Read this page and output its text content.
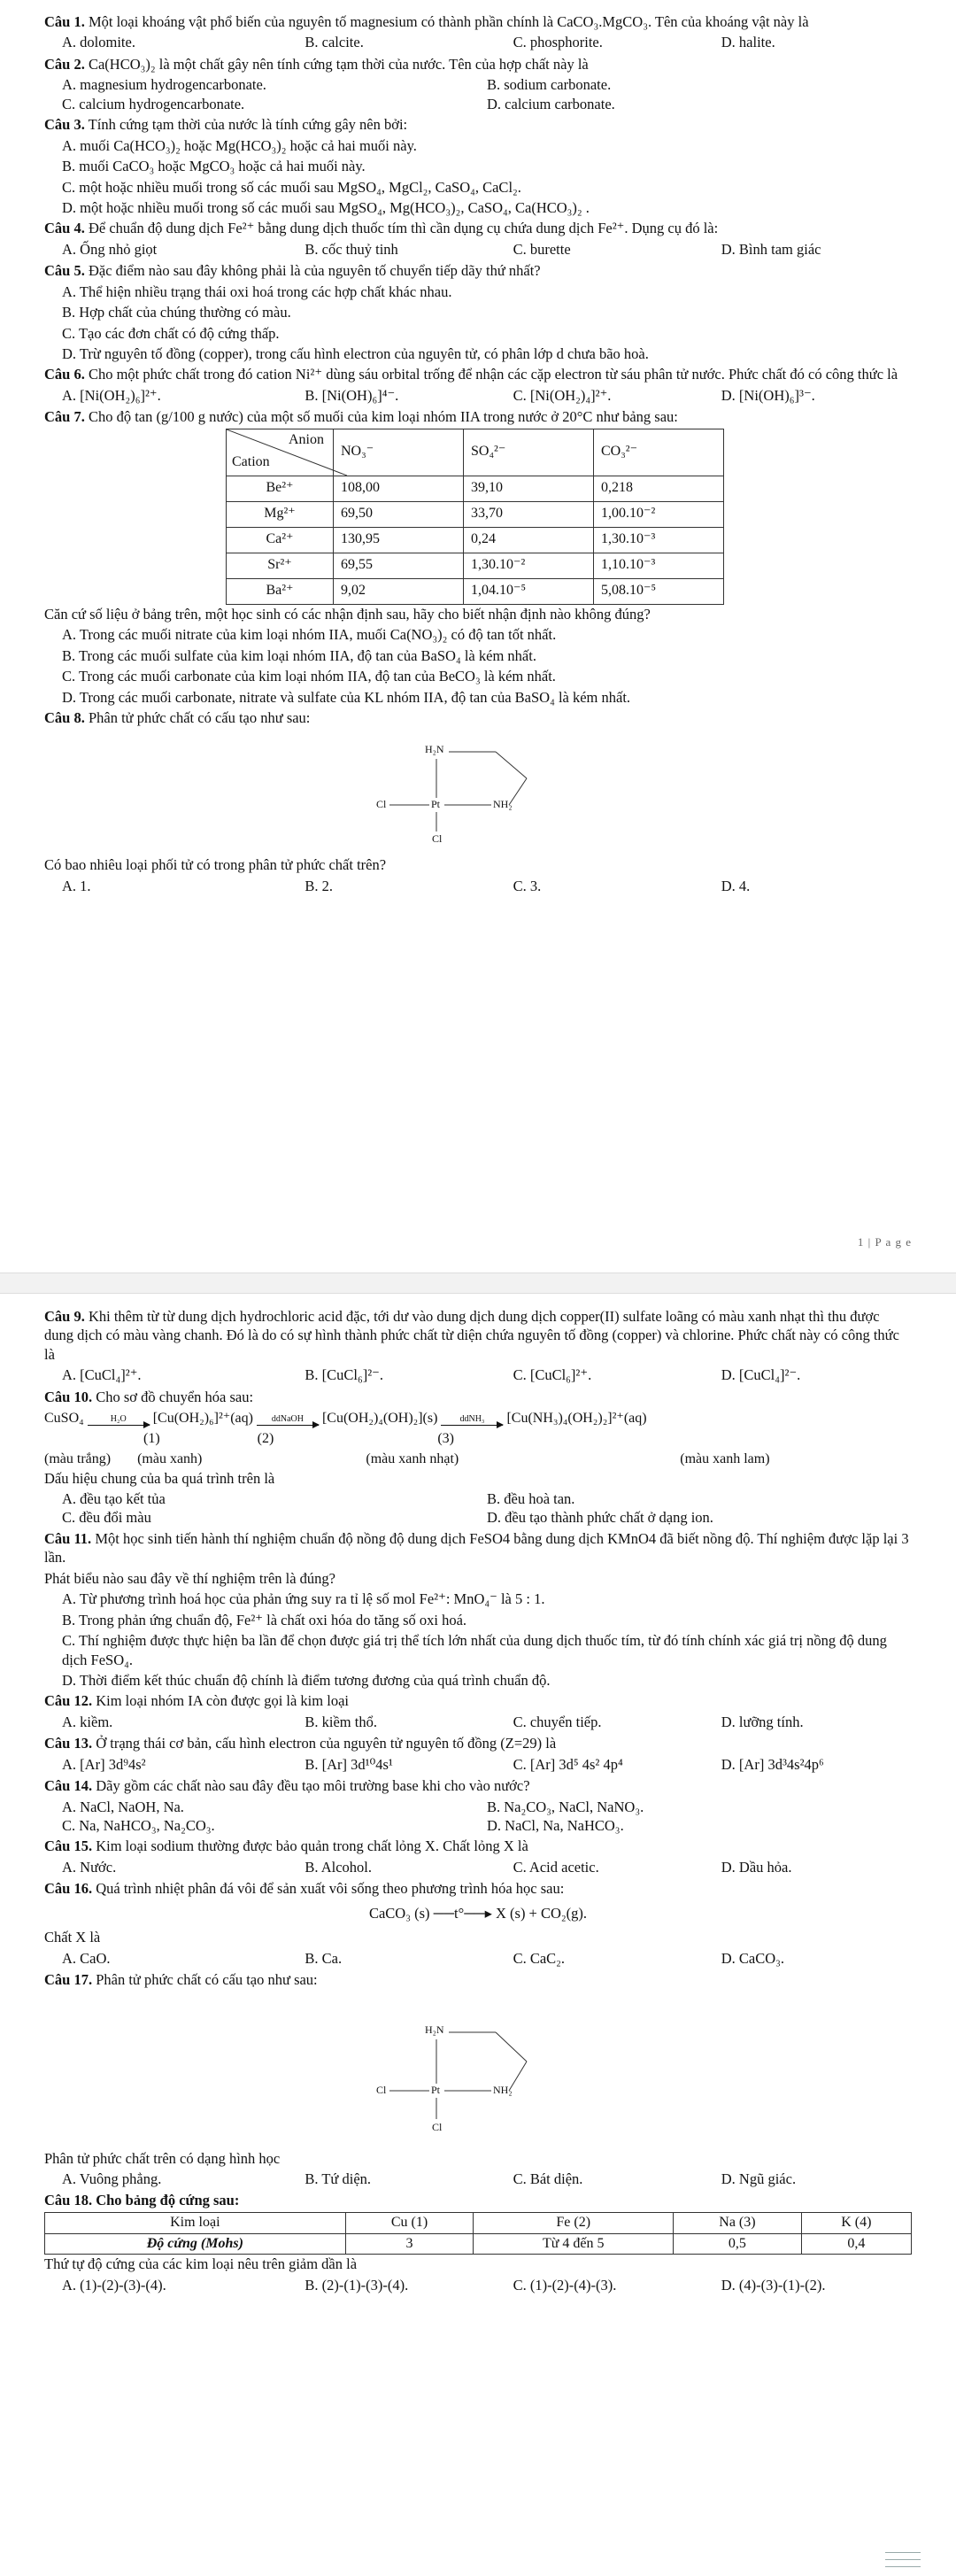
Câu 1. Một loại khoáng vật phổ biến của nguyên tố magnesium có thành phần chính là CaCO₃.MgCO₃. Tên của khoáng vật này là
A. dolomite.	B. calcite.	C. phosphorite.	D. halite.
Câu 2. Ca(HCO₃)₂ là một chất gây nên tính cứng tạm thời của nước. Tên của hợp chất này là
A. magnesium hydrogencarbonate.	B. sodium carbonate.
C. calcium hydrogencarbonate.	D. calcium carbonate.
Câu 3. Tính cứng tạm thời của nước là tính cứng gây nên bởi:
A. muối Ca(HCO₃)₂ hoặc Mg(HCO₃)₂ hoặc cả hai muối này.
B. muối CaCO₃ hoặc MgCO₃ hoặc cả hai muối này.
C. một hoặc nhiều muối trong số các muối sau MgSO₄, MgCl₂, CaSO₄, CaCl₂.
D. một hoặc nhiều muối trong số các muối sau MgSO₄, Mg(HCO₃)₂, CaSO₄, Ca(HCO₃)₂ .
Câu 4. Để chuẩn độ dung dịch Fe²⁺ bằng dung dịch thuốc tím thì cần dụng cụ chứa dung dịch Fe²⁺. Dụng cụ đó là:
A. Ống nhỏ giọt	B. cốc thuỷ tinh	C. burette	D. Bình tam giác
Câu 5. Đặc điểm nào sau đây không phải là của nguyên tố chuyển tiếp dãy thứ nhất?
A. Thể hiện nhiều trạng thái oxi hoá trong các hợp chất khác nhau.
B. Hợp chất của chúng thường có màu.
C. Tạo các đơn chất có độ cứng thấp.
D. Trừ nguyên tố đồng (copper), trong cấu hình electron của nguyên tử, có phân lớp d chưa bão hoà.
Câu 6. Cho một phức chất trong đó cation Ni²⁺ dùng sáu orbital trống để nhận các cặp electron từ sáu phân tử nước. Phức chất đó có công thức là
A. [Ni(OH₂)₆]²⁺.	B. [Ni(OH)₆]⁴⁻.	C. [Ni(OH₂)₄]²⁺.	D. [Ni(OH)₆]³⁻.
Câu 7. Cho độ tan (g/100 g nước) của một số muối của kim loại nhóm IIA trong nước ở 20°C như bảng sau:
Anion
Cation	NO₃⁻	SO₄²⁻	CO₃²⁻
Be²⁺	108,00	39,10	0,218
Mg²⁺	69,50	33,70	1,00.10⁻²
Ca²⁺	130,95	0,24	1,30.10⁻³
Sr²⁺	69,55	1,30.10⁻²	1,10.10⁻³
Ba²⁺	9,02	1,04.10⁻⁵	5,08.10⁻⁵
Căn cứ số liệu ở bảng trên, một học sinh có các nhận định sau, hãy cho biết nhận định nào không đúng?
A. Trong các muối nitrate của kim loại nhóm IIA, muối Ca(NO₃)₂ có độ tan tốt nhất.
B. Trong các muối sulfate của kim loại nhóm IIA, độ tan của BaSO₄ là kém nhất.
C. Trong các muối carbonate của kim loại nhóm IIA, độ tan của BeCO₃ là kém nhất.
D. Trong các muối carbonate, nitrate và sulfate của KL nhóm IIA, độ tan của BaSO₄ là kém nhất.
Câu 8. Phân tử phức chất có cấu tạo như sau:
H₂N
Cl	Pt	NH₂
Cl
Có bao nhiêu loại phối tử có trong phân tử phức chất trên?
A. 1.	B. 2.	C. 3.	D. 4.
1 | P a g e
Câu 9. Khi thêm từ từ dung dịch hydrochloric acid đặc, tới dư vào dung dịch dung dịch copper(II) sulfate loãng có màu xanh nhạt thì thu được dung dịch có màu vàng chanh. Đó là do có sự hình thành phức chất từ diện chứa nguyên tố đồng (copper) và chlorine. Phức chất này có công thức là
A. [CuCl₄]²⁺.	B. [CuCl₆]²⁻.	C. [CuCl₆]²⁺.	D. [CuCl₄]²⁻.
Câu 10. Cho sơ đồ chuyển hóa sau:
CuSO₄	H₂O [Cu(OH₂)₆]²⁺(aq) ddNaOH [Cu(OH₂)₄(OH)₂](s)	ddNH₃ [Cu(NH₃)₄(OH₂)₂]²⁺(aq)
(1)	(2)	(3)
(màu trắng) (màu xanh)	(màu xanh nhạt)	(màu xanh lam)
Dấu hiệu chung của ba quá trình trên là
A. đều tạo kết tủa	B. đều hoà tan.
C. đều đổi màu	D. đều tạo thành phức chất ở dạng ion.
Câu 11. Một học sinh tiến hành thí nghiệm chuẩn độ nồng độ dung dịch FeSO4 bằng dung dịch KMnO4 đã biết nồng độ. Thí nghiệm được lặp lại 3 lần.
Phát biểu nào sau đây về thí nghiệm trên là đúng?
A. Từ phương trình hoá học của phản ứng suy ra tỉ lệ số mol Fe²⁺: MnO₄⁻ là 5 : 1.
B. Trong phản ứng chuẩn độ, Fe²⁺ là chất oxi hóa do tăng số oxi hoá.
C. Thí nghiệm được thực hiện ba lần để chọn được giá trị thể tích lớn nhất của dung dịch thuốc tím, từ đó tính chính xác giá trị nồng độ dung dịch FeSO₄.
D. Thời điểm kết thúc chuẩn độ chính là điểm tương đương của quá trình chuẩn độ.
Câu 12. Kim loại nhóm IA còn được gọi là kim loại
A. kiềm.	B. kiềm thổ.	C. chuyển tiếp.	D. lưỡng tính.
Câu 13. Ở trạng thái cơ bản, cấu hình electron của nguyên tử nguyên tố đồng (Z=29) là
A. [Ar] 3d⁹4s²	B. [Ar] 3d¹⁰4s¹	C. [Ar] 3d⁵ 4s² 4p⁴	D. [Ar] 3d³4s²4p⁶
Câu 14. Dãy gồm các chất nào sau đây đều tạo môi trường base khi cho vào nước?
A. NaCl, NaOH, Na.	B. Na₂CO₃, NaCl, NaNO₃.
C. Na, NaHCO₃, Na₂CO₃.	D. NaCl, Na, NaHCO₃.
Câu 15. Kim loại sodium thường được bảo quản trong chất lỏng X. Chất lỏng X là
A. Nước.	B. Alcohol.	C. Acid acetic.	D. Dầu hỏa.
Câu 16. Quá trình nhiệt phân đá vôi để sản xuất vôi sống theo phương trình hóa học sau:
CaCO₃ (s) ──t°──▸ X (s) + CO₂(g).
Chất X là
A. CaO.	B. Ca.	C. CaC₂.	D. CaCO₃.
Câu 17. Phân tử phức chất có cấu tạo như sau:
H₂N
Cl	Pt	NH₂
Cl
Phân tử phức chất trên có dạng hình học
A. Vuông phẳng.	B. Tứ diện.	C. Bát diện.	D. Ngũ giác.
Câu 18. Cho bảng độ cứng sau:
Kim loại	Cu (1)	Fe (2)	Na (3)	K (4)
Độ cứng (Mohs)	3	Từ 4 đến 5	0,5	0,4
Thứ tự độ cứng của các kim loại nêu trên giảm dần là
A. (1)-(2)-(3)-(4).	B. (2)-(1)-(3)-(4).	C. (1)-(2)-(4)-(3).	D. (4)-(3)-(1)-(2).
